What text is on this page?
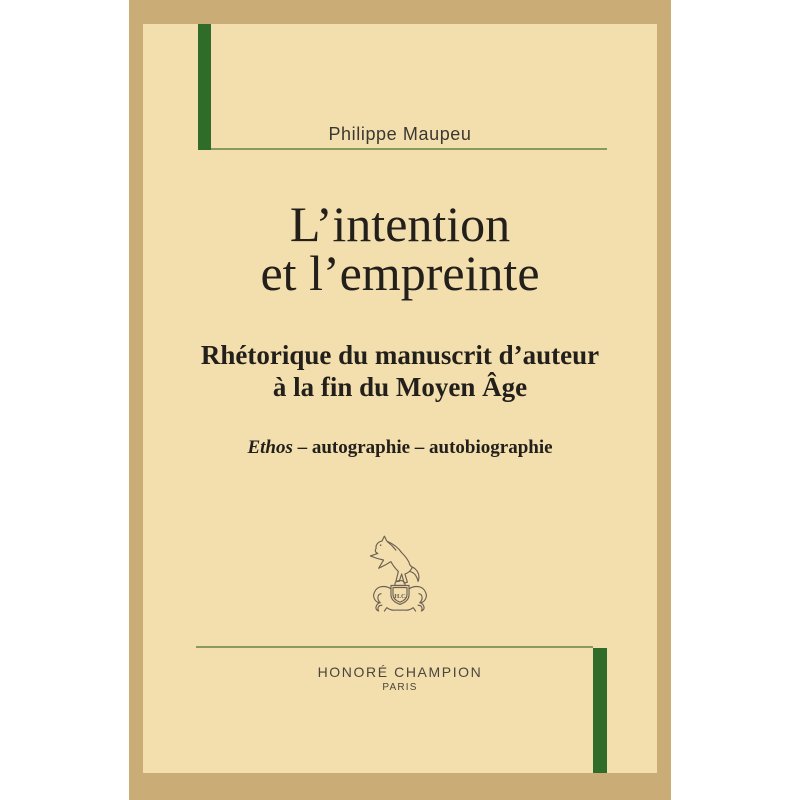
Philippe Maupeu
L’intention
et l’empreinte
Rhétorique du manuscrit d’auteur
à la fin du Moyen Âge
Ethos – autographie – autobiographie
H.C
HONORÉ CHAMPION
PARIS
